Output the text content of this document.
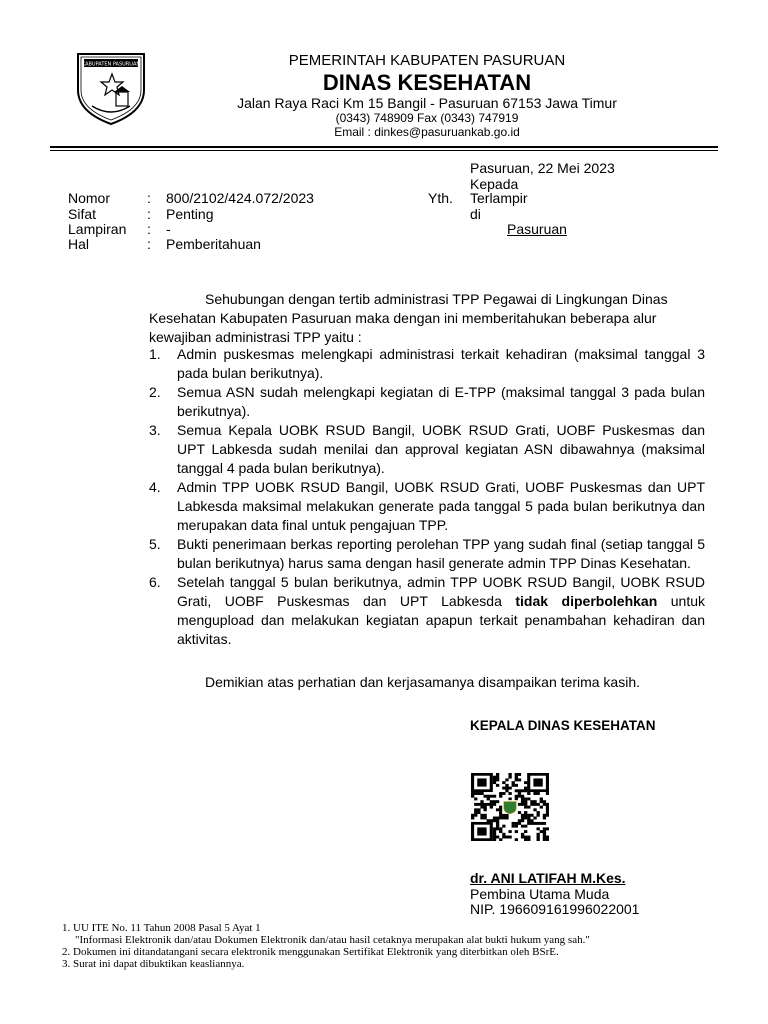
KABUPATEN PASURUAN	PEMERINTAH KABUPATEN PASURUAN
DINAS KESEHATAN
Jalan Raya Raci Km 15 Bangil - Pasuruan 67153 Jawa Timur
(0343) 748909 Fax (0343) 747919
Email : dinkes@pasuruankab.go.id
Pasuruan, 22 Mei 2023
Kepada
Yth. Terlampir
di
Pasuruan
Nomor	: 800/2102/424.072/2023
Sifat	: Penting
Lampiran : -
Hal	: Pemberitahuan
Sehubungan dengan tertib administrasi TPP Pegawai di Lingkungan Dinas Kesehatan Kabupaten Pasuruan maka dengan ini memberitahukan beberapa alur kewajiban administrasi TPP yaitu :
1. Admin puskesmas melengkapi administrasi terkait kehadiran (maksimal tanggal 3 pada bulan berikutnya).
2. Semua ASN sudah melengkapi kegiatan di E-TPP (maksimal tanggal 3 pada bulan berikutnya).
3. Semua Kepala UOBK RSUD Bangil, UOBK RSUD Grati, UOBF Puskesmas dan UPT Labkesda sudah menilai dan approval kegiatan ASN dibawahnya (maksimal tanggal 4 pada bulan berikutnya).
4. Admin TPP UOBK RSUD Bangil, UOBK RSUD Grati, UOBF Puskesmas dan UPT Labkesda maksimal melakukan generate pada tanggal 5 pada bulan berikutnya dan merupakan data final untuk pengajuan TPP.
5. Bukti penerimaan berkas reporting perolehan TPP yang sudah final (setiap tanggal 5 bulan berikutnya) harus sama dengan hasil generate admin TPP Dinas Kesehatan.
6. Setelah tanggal 5 bulan berikutnya, admin TPP UOBK RSUD Bangil, UOBK RSUD Grati, UOBF Puskesmas dan UPT Labkesda tidak diperbolehkan untuk mengupload dan melakukan kegiatan apapun terkait penambahan kehadiran dan aktivitas.
Demikian atas perhatian dan kerjasamanya disampaikan terima kasih.
KEPALA DINAS KESEHATAN
dr. ANI LATIFAH M.Kes.
Pembina Utama Muda
NIP. 196609161996022001
1. UU ITE No. 11 Tahun 2008 Pasal 5 Ayat 1
"Informasi Elektronik dan/atau Dokumen Elektronik dan/atau hasil cetaknya merupakan alat bukti hukum yang sah."
2. Dokumen ini ditandatangani secara elektronik menggunakan Sertifikat Elektronik yang diterbitkan oleh BSrE.
3. Surat ini dapat dibuktikan keasliannya.
